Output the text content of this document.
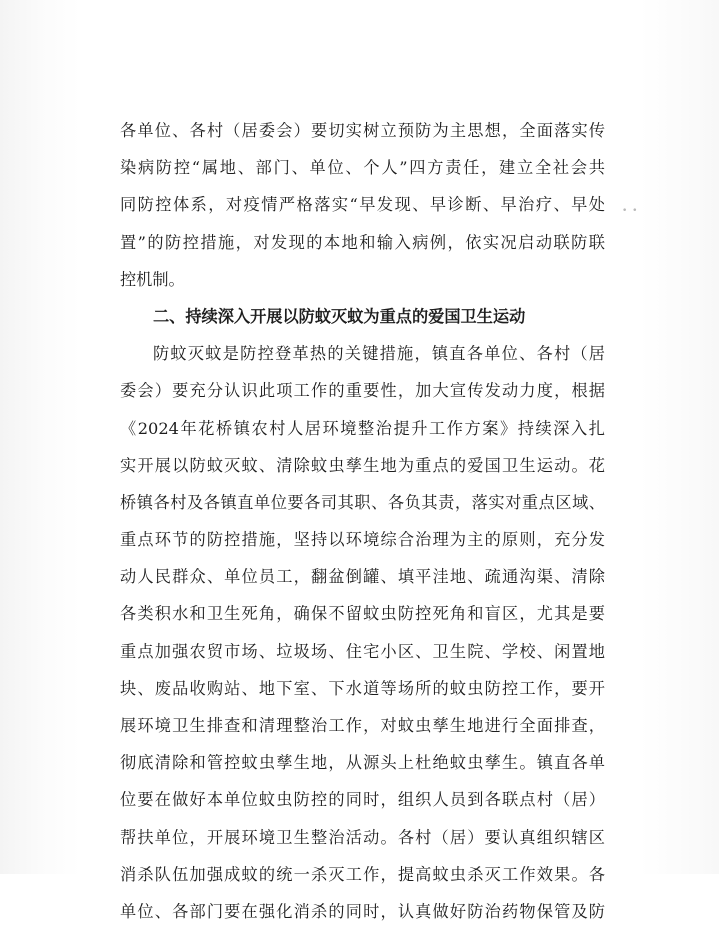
各单位、各村（居委会）要切实树立预防为主思想，全面落实传
染病防控“属地、部门、单位、个人”四方责任，建立全社会共
同防控体系，对疫情严格落实“早发现、早诊断、早治疗、早处
置”的防控措施，对发现的本地和输入病例，依实况启动联防联
控机制。
二、持续深入开展以防蚊灭蚊为重点的爱国卫生运动
防蚊灭蚊是防控登革热的关键措施，镇直各单位、各村（居
委会）要充分认识此项工作的重要性，加大宣传发动力度，根据
《2024年花桥镇农村人居环境整治提升工作方案》持续深入扎
实开展以防蚊灭蚊、清除蚊虫孳生地为重点的爱国卫生运动。花
桥镇各村及各镇直单位要各司其职、各负其责，落实对重点区域、
重点环节的防控措施，坚持以环境综合治理为主的原则，充分发
动人民群众、单位员工，翻盆倒罐、填平洼地、疏通沟渠、清除
各类积水和卫生死角，确保不留蚊虫防控死角和盲区，尤其是要
重点加强农贸市场、垃圾场、住宅小区、卫生院、学校、闲置地
块、废品收购站、地下室、下水道等场所的蚊虫防控工作，要开
展环境卫生排查和清理整治工作，对蚊虫孳生地进行全面排查，
彻底清除和管控蚊虫孳生地，从源头上杜绝蚊虫孳生。镇直各单
位要在做好本单位蚊虫防控的同时，组织人员到各联点村（居）
帮扶单位，开展环境卫生整治活动。各村（居）要认真组织辖区
消杀队伍加强成蚊的统一杀灭工作，提高蚊虫杀灭工作效果。各
单位、各部门要在强化消杀的同时，认真做好防治药物保管及防
• •
